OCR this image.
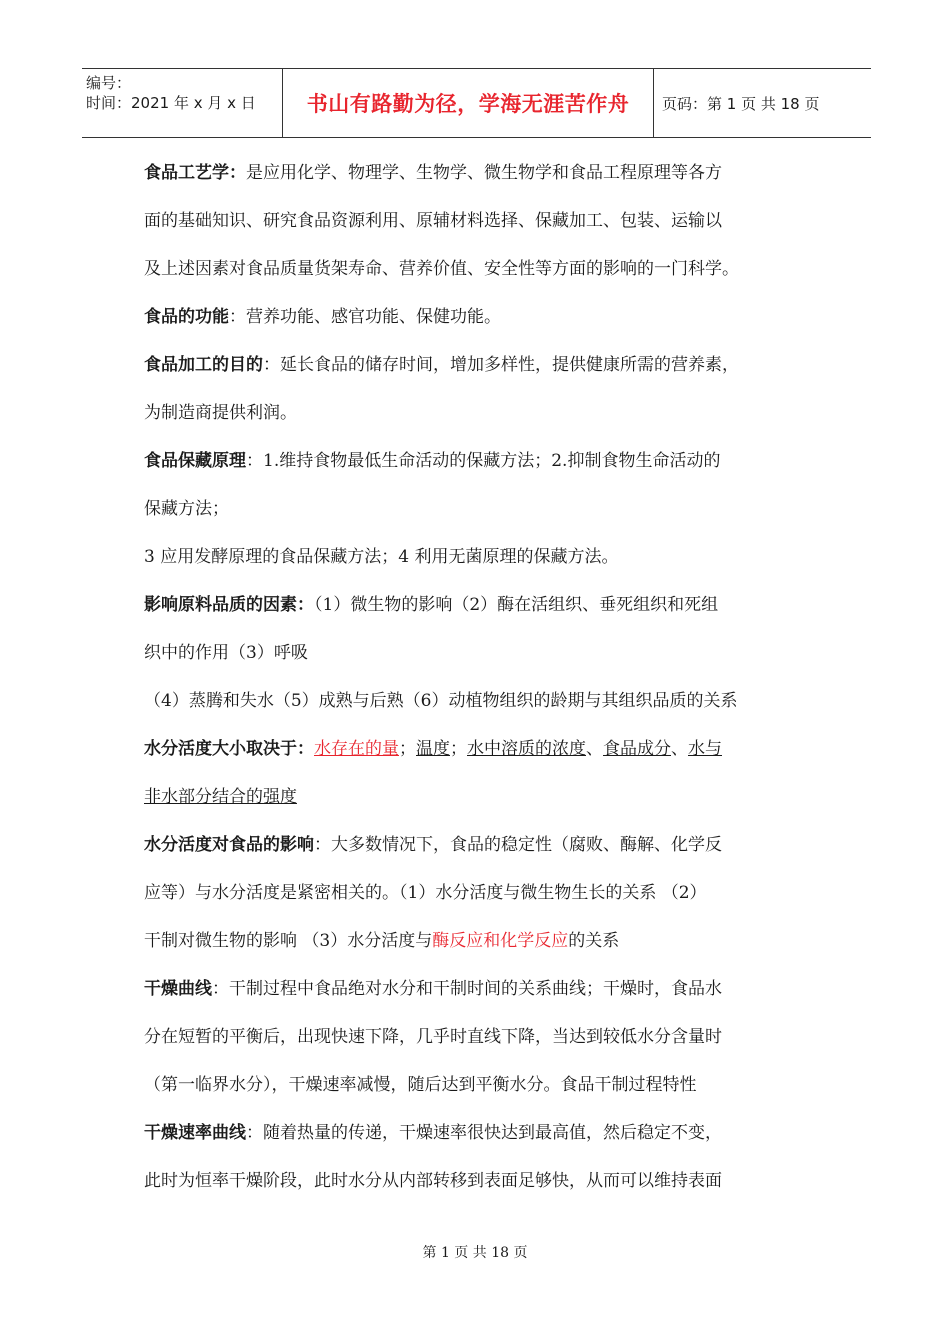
编号：
时间：2021 年 x 月 x 日	书山有路勤为径，学海无涯苦作舟	页码：第 1 页 共 18 页
食品工艺学：是应用化学、物理学、生物学、微生物学和食品工程原理等各方
面的基础知识、研究食品资源利用、原辅材料选择、保藏加工、包装、运输以
及上述因素对食品质量货架寿命、营养价值、安全性等方面的影响的一门科学。
食品的功能：营养功能、感官功能、保健功能。
食品加工的目的：延长食品的储存时间，增加多样性，提供健康所需的营养素，
为制造商提供利润。
食品保藏原理：1.维持食物最低生命活动的保藏方法；2.抑制食物生命活动的
保藏方法；
3 应用发酵原理的食品保藏方法；4 利用无菌原理的保藏方法。
影响原料品质的因素：（1）微生物的影响（2）酶在活组织、垂死组织和死组
织中的作用（3）呼吸
（4）蒸腾和失水（5）成熟与后熟（6）动植物组织的龄期与其组织品质的关系
水分活度大小取决于：水存在的量；温度；水中溶质的浓度、食品成分、水与
非水部分结合的强度
水分活度对食品的影响：大多数情况下，食品的稳定性（腐败、酶解、化学反
应等）与水分活度是紧密相关的。（1）水分活度与微生物生长的关系 （2）
干制对微生物的影响 （3）水分活度与酶反应和化学反应的关系
干燥曲线：干制过程中食品绝对水分和干制时间的关系曲线；干燥时，食品水
分在短暂的平衡后，出现快速下降，几乎时直线下降，当达到较低水分含量时
（第一临界水分），干燥速率减慢，随后达到平衡水分。食品干制过程特性
干燥速率曲线：随着热量的传递，干燥速率很快达到最高值，然后稳定不变，
此时为恒率干燥阶段，此时水分从内部转移到表面足够快，从而可以维持表面
第 1 页 共 18 页
